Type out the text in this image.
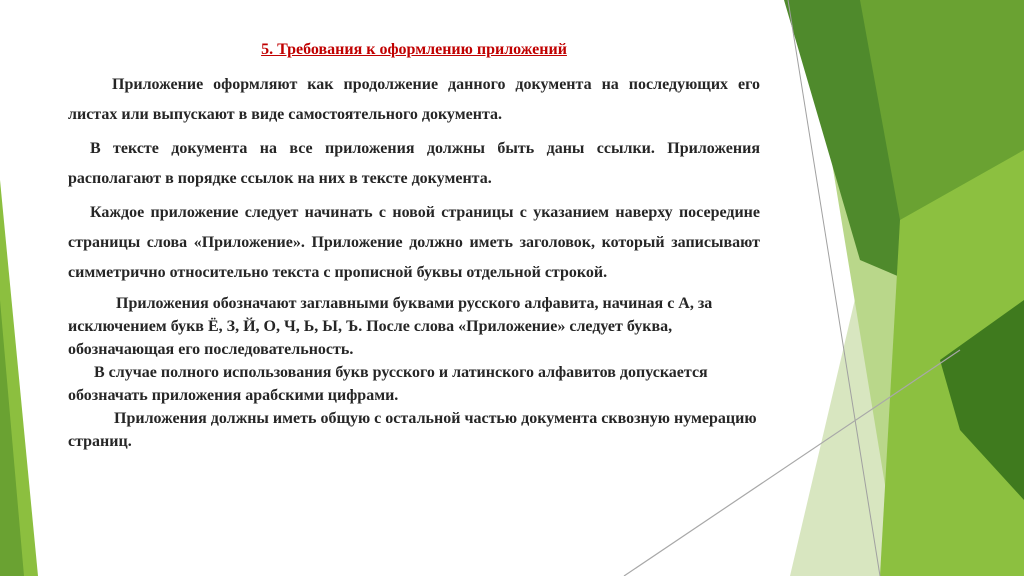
5. Требования к оформлению приложений

Приложение оформляют как продолжение данного документа на последующих его листах или выпускают в виде самостоятельного документа.

В тексте документа на все приложения должны быть даны ссылки. Приложения располагают в порядке ссылок на них в тексте документа.

Каждое приложение следует начинать с новой страницы с указанием наверху посередине страницы слова «Приложение». Приложение должно иметь заголовок, который записывают симметрично относительно текста с прописной буквы отдельной строкой.

Приложения обозначают заглавными буквами русского алфавита, начиная с А, за исключением букв Ё, З, Й, О, Ч, Ь, Ы, Ъ. После слова «Приложение» следует буква, обозначающая его последовательность.

В случае полного использования букв русского и латинского алфавитов допускается обозначать приложения арабскими цифрами.

Приложения должны иметь общую с остальной частью документа сквозную нумерацию страниц.
